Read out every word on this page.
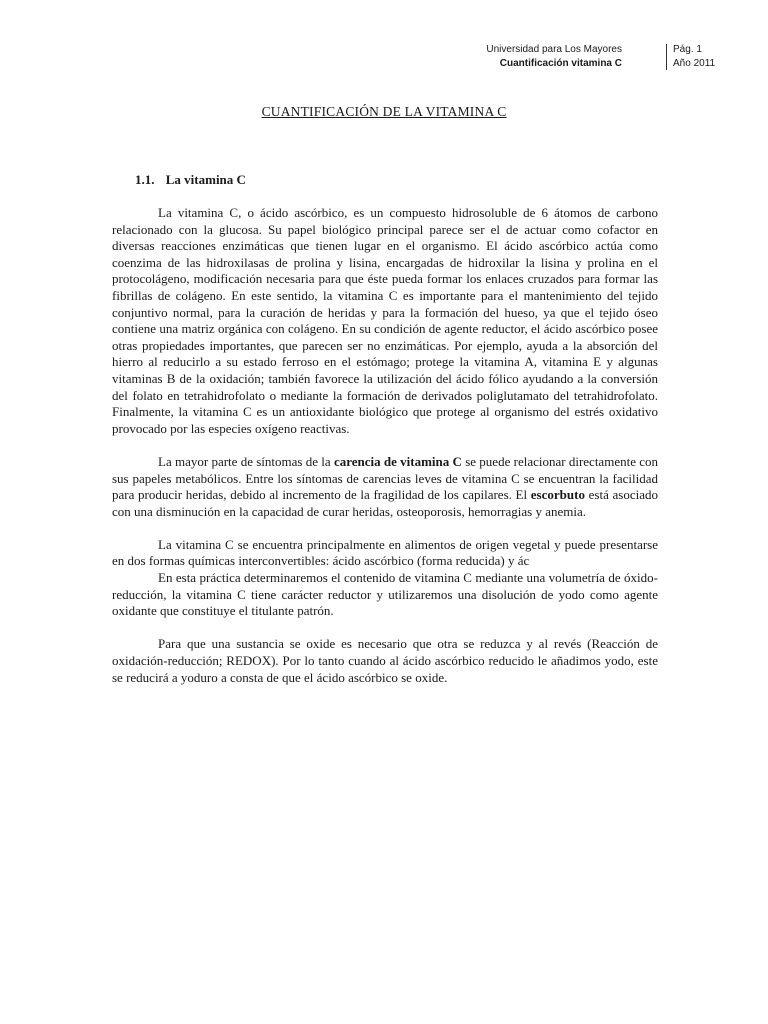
Universidad para Los Mayores
Cuantificación vitamina C
Pág. 1
Año 2011
CUANTIFICACIÓN DE LA VITAMINA C
1.1. La vitamina C

La vitamina C, o ácido ascórbico, es un compuesto hidrosoluble de 6 átomos de carbono relacionado con la glucosa. Su papel biológico principal parece ser el de actuar como cofactor en diversas reacciones enzimáticas que tienen lugar en el organismo. El ácido ascórbico actúa como coenzima de las hidroxilasas de prolina y lisina, encargadas de hidroxilar la lisina y prolina en el protocolágeno, modificación necesaria para que éste pueda formar los enlaces cruzados para formar las fibrillas de colágeno. En este sentido, la vitamina C es importante para el mantenimiento del tejido conjuntivo normal, para la curación de heridas y para la formación del hueso, ya que el tejido óseo contiene una matriz orgánica con colágeno. En su condición de agente reductor, el ácido ascórbico posee otras propiedades importantes, que parecen ser no enzimáticas. Por ejemplo, ayuda a la absorción del hierro al reducirlo a su estado ferroso en el estómago; protege la vitamina A, vitamina E y algunas vitaminas B de la oxidación; también favorece la utilización del ácido fólico ayudando a la conversión del folato en tetrahidrofolato o mediante la formación de derivados poliglutamato del tetrahidrofolato. Finalmente, la vitamina C es un antioxidante biológico que protege al organismo del estrés oxidativo provocado por las especies oxígeno reactivas.

La mayor parte de síntomas de la carencia de vitamina C se puede relacionar directamente con sus papeles metabólicos. Entre los síntomas de carencias leves de vitamina C se encuentran la facilidad para producir heridas, debido al incremento de la fragilidad de los capilares. El escorbuto está asociado con una disminución en la capacidad de curar heridas, osteoporosis, hemorragias y anemia.

La vitamina C se encuentra principalmente en alimentos de origen vegetal y puede presentarse en dos formas químicas interconvertibles: ácido ascórbico (forma reducida) y ác

En esta práctica determinaremos el contenido de vitamina C mediante una volumetría de óxido-reducción, la vitamina C tiene carácter reductor y utilizaremos una disolución de yodo como agente oxidante que constituye el titulante patrón.

Para que una sustancia se oxide es necesario que otra se reduzca y al revés (Reacción de oxidación-reducción; REDOX). Por lo tanto cuando al ácido ascórbico reducido le añadimos yodo, este se reducirá a yoduro a consta de que el ácido ascórbico se oxide.
